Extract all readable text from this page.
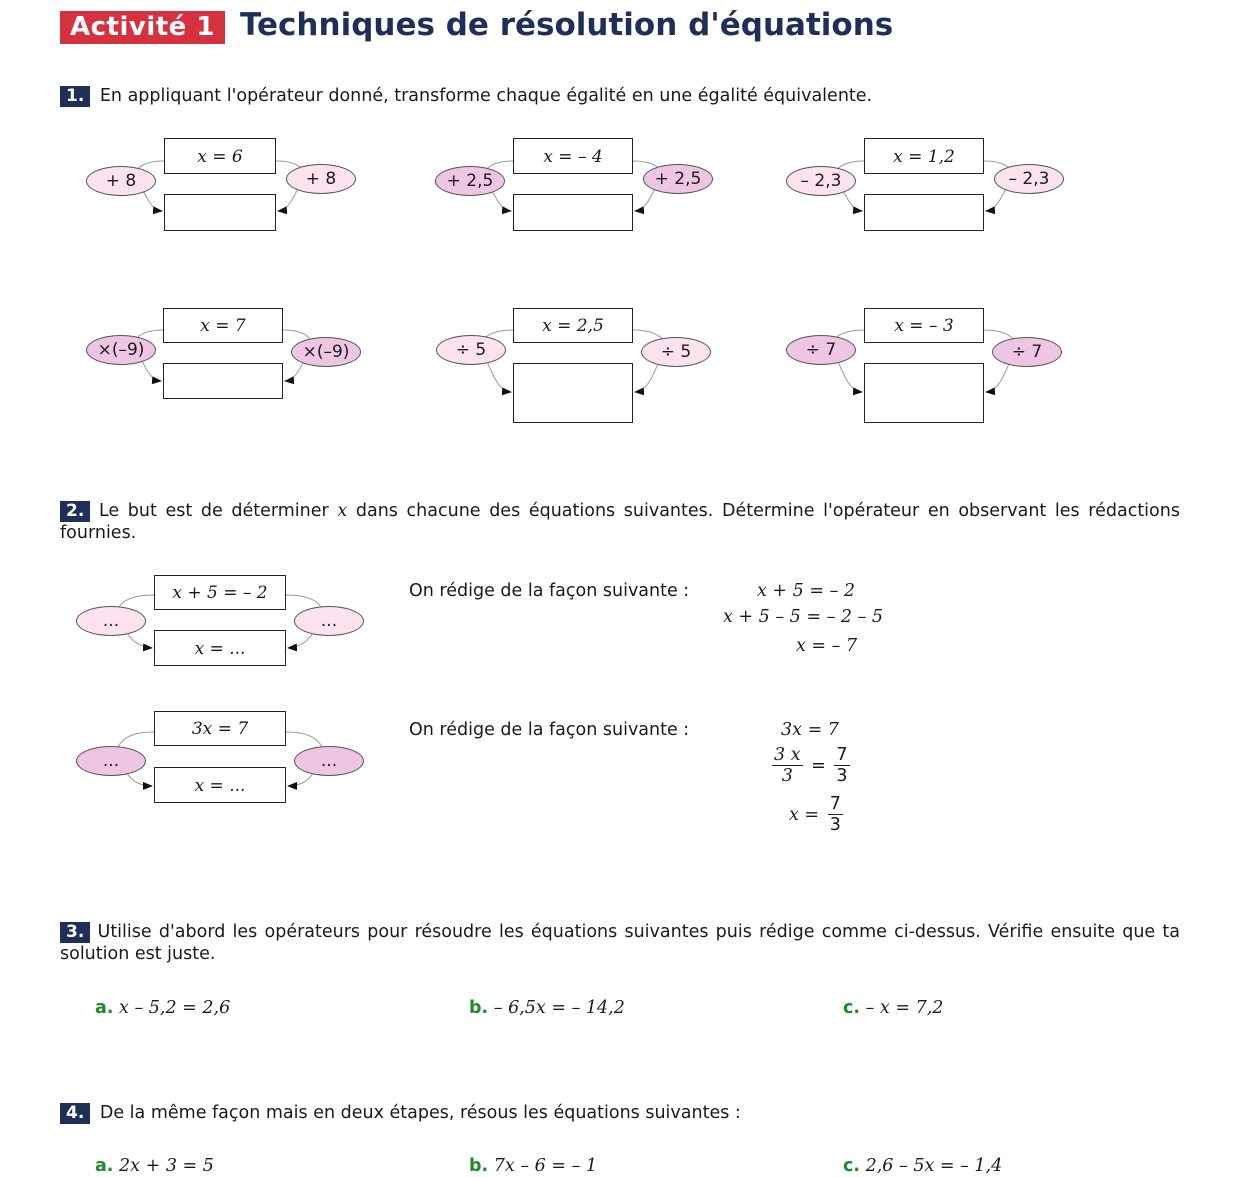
Activité 1 Techniques de résolution d'équations
1. En appliquant l'opérateur donné, transforme chaque égalité en une égalité équivalente.
x = 6
+ 8	+ 8
x = – 4
+ 2,5	+ 2,5
x = 1,2
– 2,3	– 2,3
x = 7
×(–9)	×(–9)
x = 2,5
÷ 5	÷ 5
x = – 3
÷ 7	÷ 7
2. Le but est de déterminer x dans chacune des équations suivantes. Détermine l'opérateur en observant les rédactions fournies.
x + 5 = – 2
x = ...
...	...
On rédige de la façon suivante :	x + 5 = – 2
x + 5 – 5 = – 2 – 5
x = – 7
3x = 7
x = ...
...	...
On rédige de la façon suivante :	3x = 7
$\frac{3 x}{3} = \frac{7}{3}$
$x = \frac{7}{3}$
3. Utilise d'abord les opérateurs pour résoudre les équations suivantes puis rédige comme ci-dessus. Vérifie ensuite que ta solution est juste.
a. x – 5,2 = 2,6	b. – 6,5x = – 14,2	c. – x = 7,2
4. De la même façon mais en deux étapes, résous les équations suivantes :
a. 2x + 3 = 5	b. 7x – 6 = – 1	c. 2,6 – 5x = – 1,4
